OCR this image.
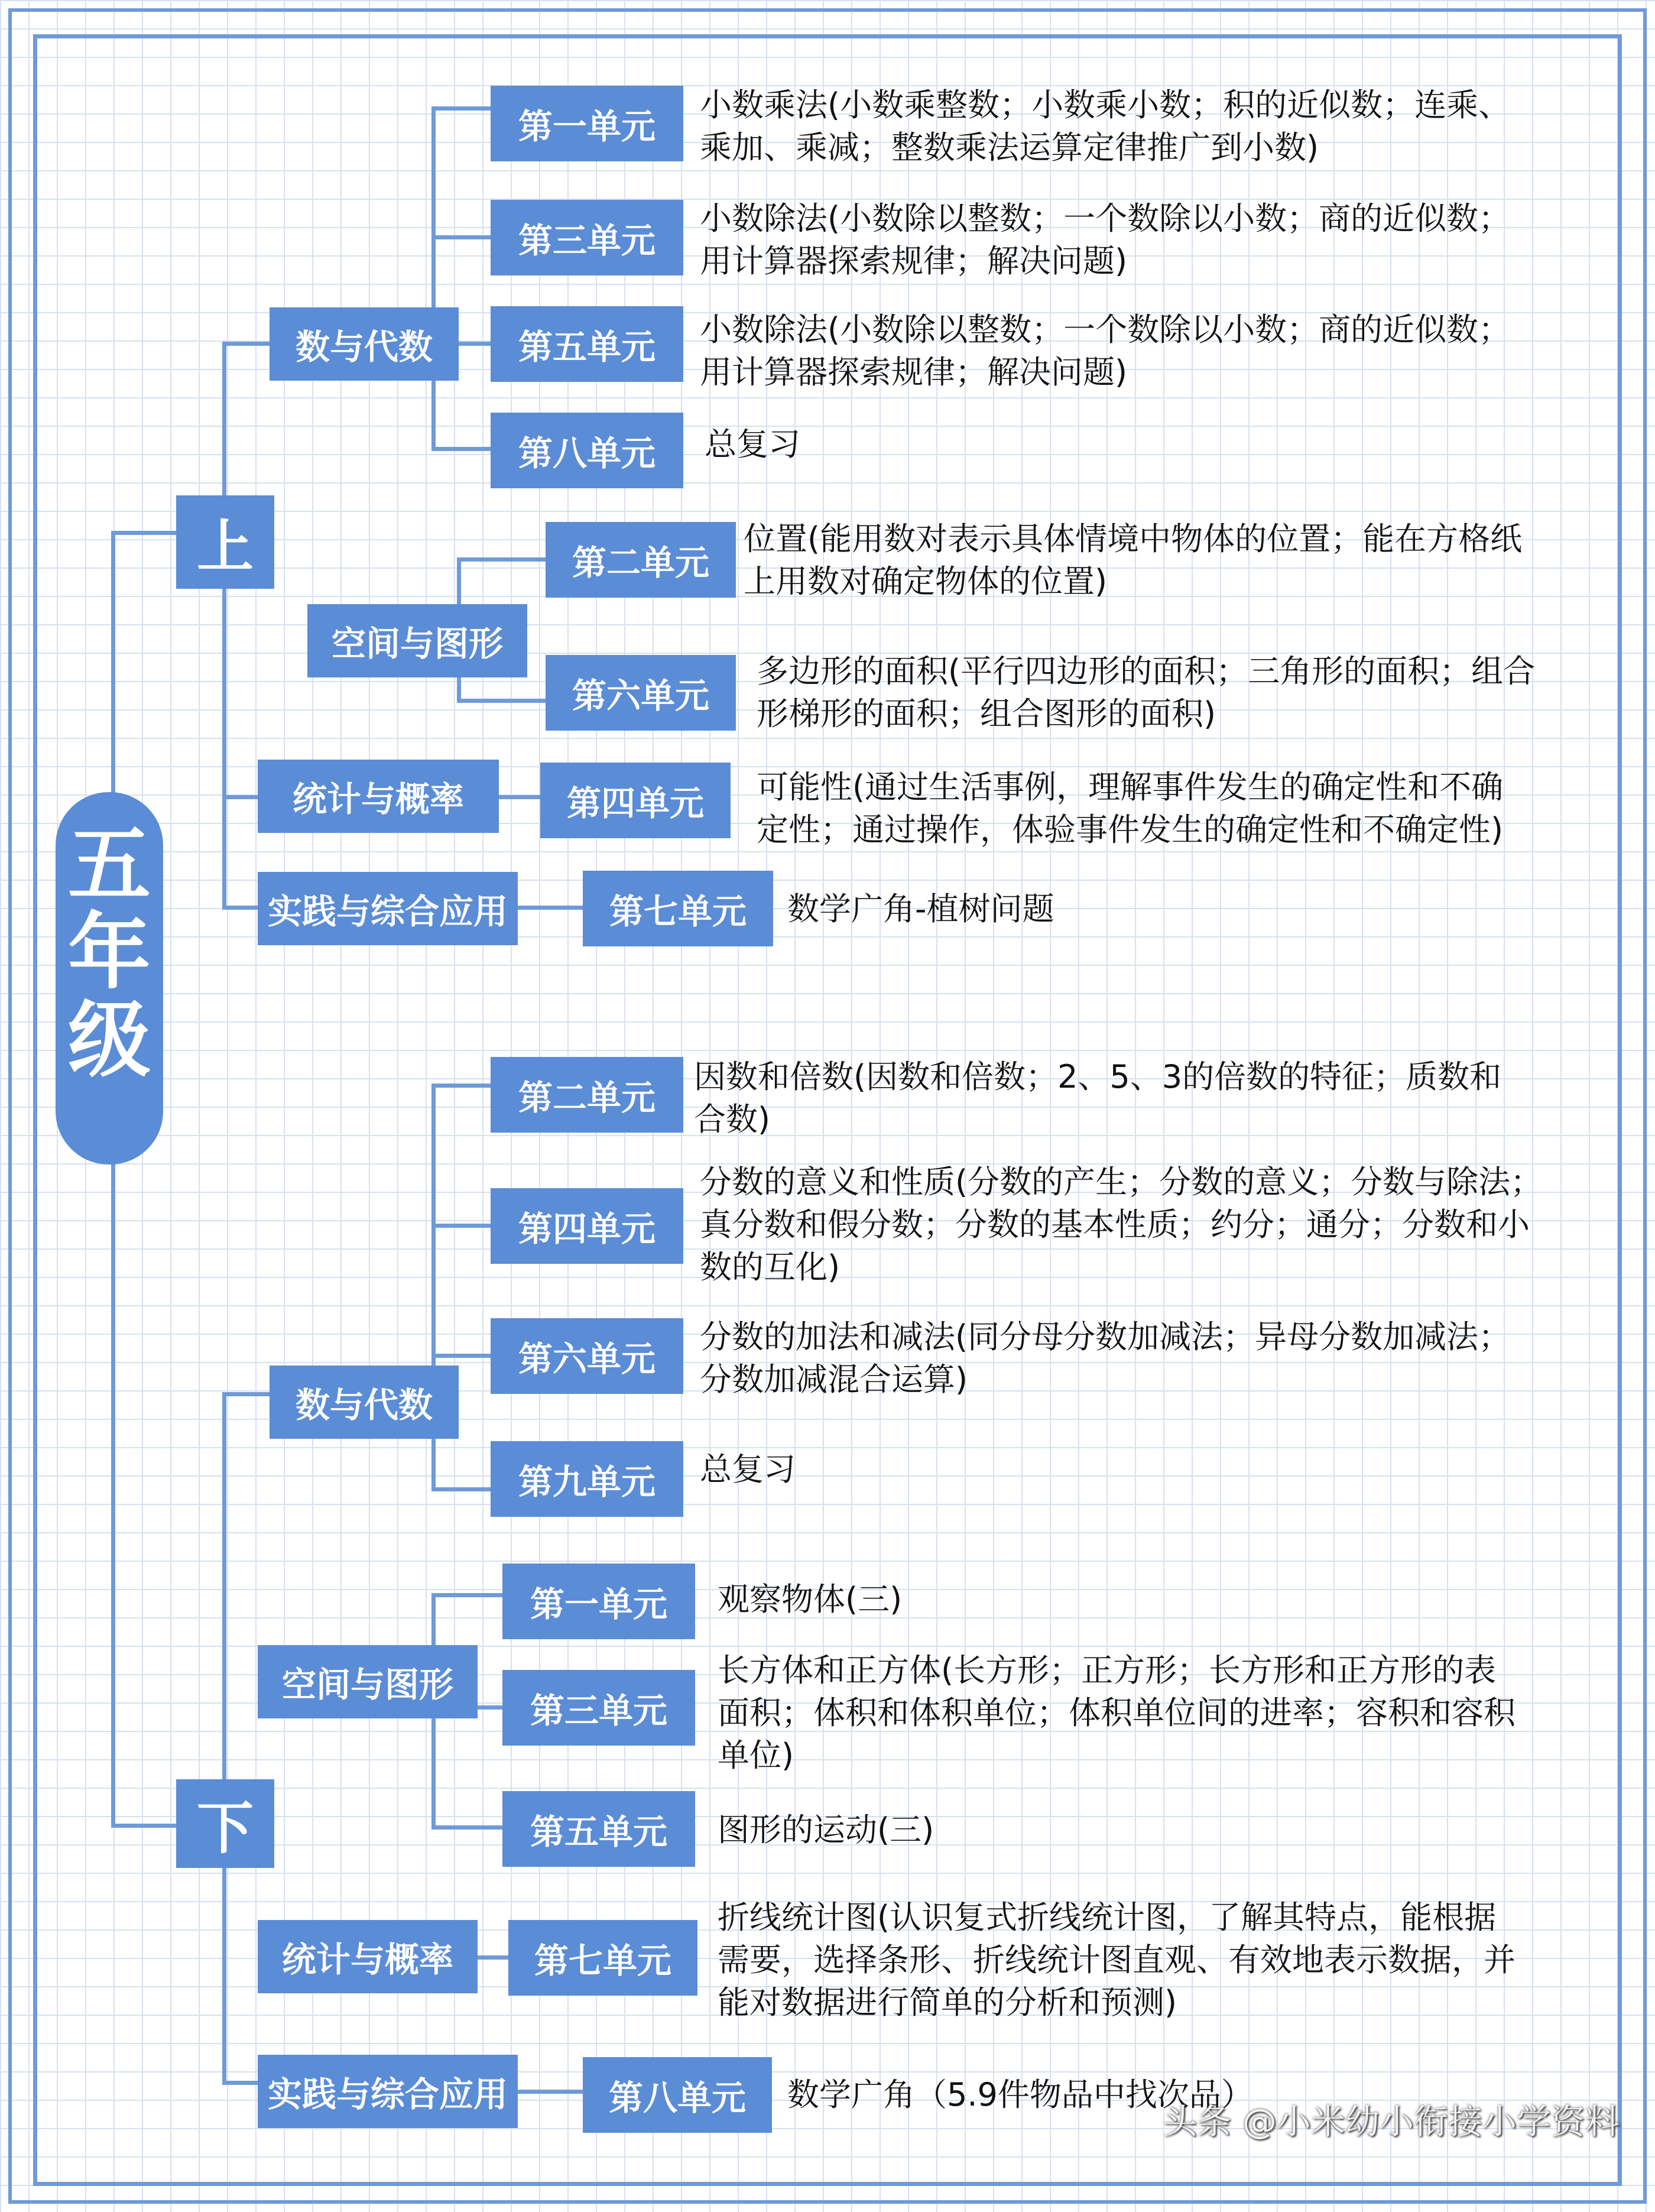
五年级
上
下
数与代数
空间与图形
统计与概率
实践与综合应用
第一单元
小数乘法(小数乘整数；小数乘小数；积的近似数；连乘、
乘加、乘减；整数乘法运算定律推广到小数)
第三单元
小数除法(小数除以整数；一个数除以小数；商的近似数；
用计算器探索规律；解决问题)
第五单元 小数除法(小数除以整数；一个数除以小数；商的近似数；
用计算器探索规律；解决问题)
第八单元 总复习
第二单元
位置(能用数对表示具体情境中物体的位置；能在方格纸
上用数对确定物体的位置)
第六单元
多边形的面积(平行四边形的面积；三角形的面积；组合
形梯形的面积；组合图形的面积)
第四单元 可能性(通过生活事例，理解事件发生的确定性和不确
定性；通过操作，体验事件发生的确定性和不确定性)
第七单元 数学广角-植树问题
数与代数
空间与图形
统计与概率
实践与综合应用
第二单元
因数和倍数(因数和倍数；2、5、3的倍数的特征；质数和
合数)
第四单元
分数的意义和性质(分数的产生；分数的意义；分数与除法；
真分数和假分数；分数的基本性质；约分；通分；分数和小
数的互化)
第六单元
分数的加法和减法(同分母分数加减法；异母分数加减法；
分数加减混合运算)
第九单元 总复习
第一单元 观察物体(三)
第三单元
长方体和正方体(长方形；正方形；长方形和正方形的表
面积；体积和体积单位；体积单位间的进率；容积和容积
单位)
第五单元 图形的运动(三)
第七单元
折线统计图(认识复式折线统计图，了解其特点，能根据
需要，选择条形、折线统计图直观、有效地表示数据，并
能对数据进行简单的分析和预测)
第八单元 数学广角（5.9件物品中找次品）
头条 @小米幼小衔接小学资料
